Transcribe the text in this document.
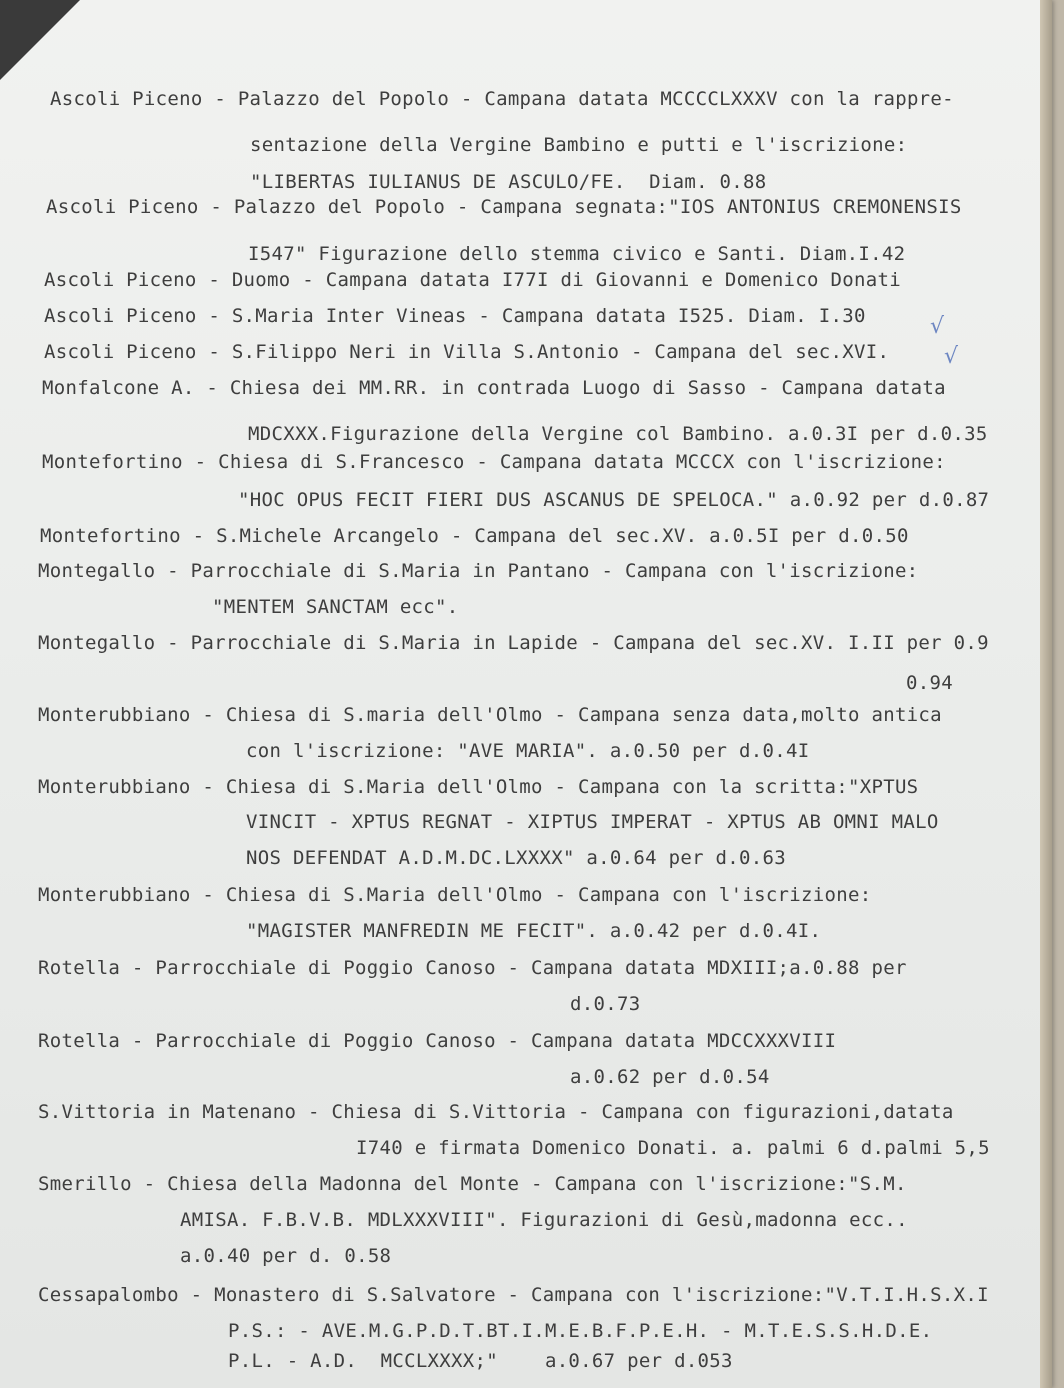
Ascoli Piceno - Palazzo del Popolo - Campana datata MCCCCLXXXV con la rappre-
sentazione della Vergine Bambino e putti e l'iscrizione:
"LIBERTAS IULIANUS DE ASCULO/FE.  Diam. 0.88
Ascoli Piceno - Palazzo del Popolo - Campana segnata:"IOS ANTONIUS CREMONENSIS
I547" Figurazione dello stemma civico e Santi. Diam.I.42
Ascoli Piceno - Duomo - Campana datata I77I di Giovanni e Domenico Donati
Ascoli Piceno - S.Maria Inter Vineas - Campana datata I525. Diam. I.30	√
Ascoli Piceno - S.Filippo Neri in Villa S.Antonio - Campana del sec.XVI. √
Monfalcone A. - Chiesa dei MM.RR. in contrada Luogo di Sasso - Campana datata
MDCXXX.Figurazione della Vergine col Bambino. a.0.3I per d.0.35
Montefortino - Chiesa di S.Francesco - Campana datata MCCCX con l'iscrizione:
"HOC OPUS FECIT FIERI DUS ASCANUS DE SPELOCA." a.0.92 per d.0.87
Montefortino - S.Michele Arcangelo - Campana del sec.XV. a.0.5I per d.0.50
Montegallo - Parrocchiale di S.Maria in Pantano - Campana con l'iscrizione:
"MENTEM SANCTAM ecc".
Montegallo - Parrocchiale di S.Maria in Lapide - Campana del sec.XV. I.II per 0.9
0.94
Monterubbiano - Chiesa di S.maria dell'Olmo - Campana senza data,molto antica
con l'iscrizione: "AVE MARIA". a.0.50 per d.0.4I
Monterubbiano - Chiesa di S.Maria dell'Olmo - Campana con la scritta:"XPTUS
VINCIT - XPTUS REGNAT - XIPTUS IMPERAT - XPTUS AB OMNI MALO
NOS DEFENDAT A.D.M.DC.LXXXX" a.0.64 per d.0.63
Monterubbiano - Chiesa di S.Maria dell'Olmo - Campana con l'iscrizione:
"MAGISTER MANFREDIN ME FECIT". a.0.42 per d.0.4I.
Rotella - Parrocchiale di Poggio Canoso - Campana datata MDXIII;a.0.88 per
d.0.73
Rotella - Parrocchiale di Poggio Canoso - Campana datata MDCCXXXVIII
a.0.62 per d.0.54
S.Vittoria in Matenano - Chiesa di S.Vittoria - Campana con figurazioni,datata
I740 e firmata Domenico Donati. a. palmi 6 d.palmi 5,5
Smerillo - Chiesa della Madonna del Monte - Campana con l'iscrizione:"S.M.
AMISA. F.B.V.B. MDLXXXVIII". Figurazioni di Gesù,madonna ecc..
a.0.40 per d. 0.58
Cessapalombo - Monastero di S.Salvatore - Campana con l'iscrizione:"V.T.I.H.S.X.I
P.S.: - AVE.M.G.P.D.T.BT.I.M.E.B.F.P.E.H. - M.T.E.S.S.H.D.E.
P.L. - A.D.  MCCLXXXX;"    a.0.67 per d.053
